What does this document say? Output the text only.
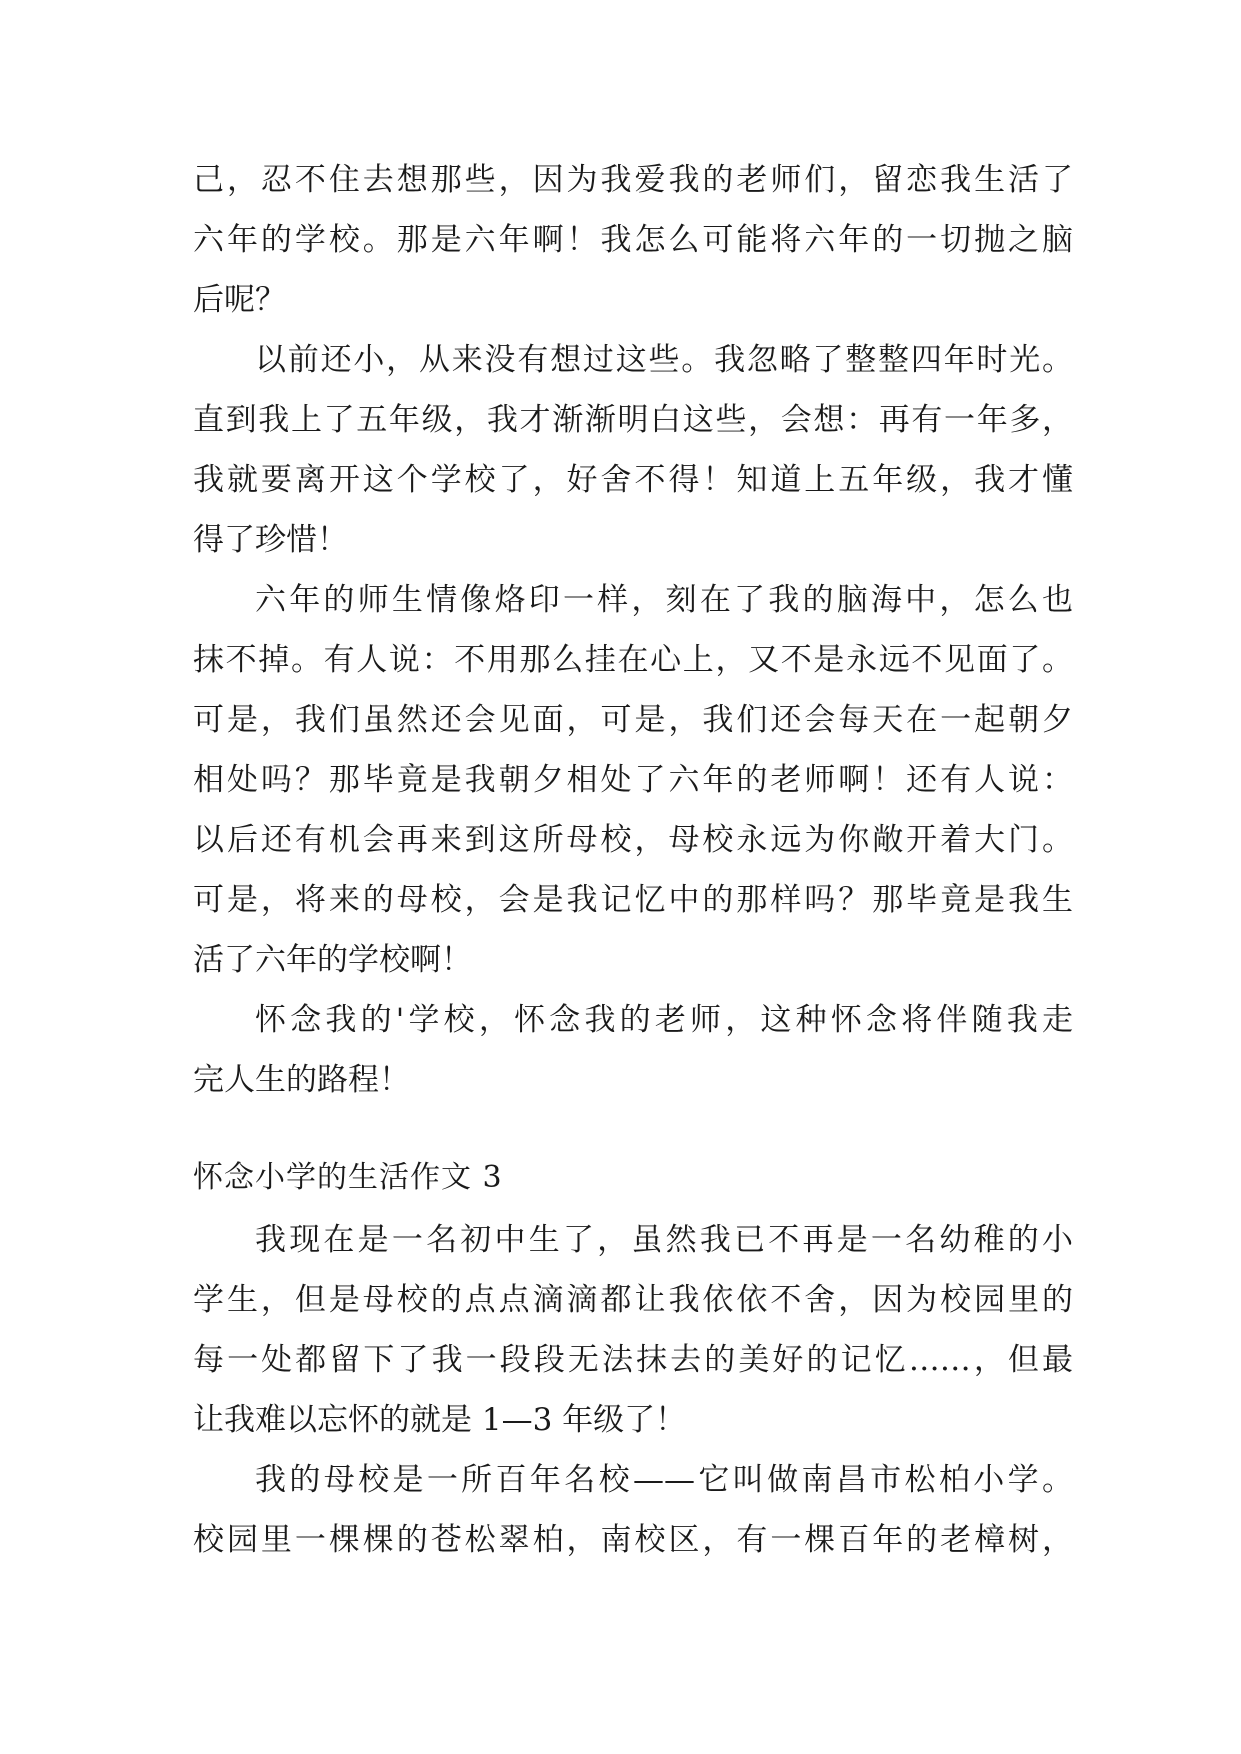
己，忍不住去想那些，因为我爱我的老师们，留恋我生活了
六年的学校。那是六年啊！我怎么可能将六年的一切抛之脑
后呢？
以前还小，从来没有想过这些。我忽略了整整四年时光。
直到我上了五年级，我才渐渐明白这些，会想：再有一年多，
我就要离开这个学校了，好舍不得！知道上五年级，我才懂
得了珍惜！
六年的师生情像烙印一样，刻在了我的脑海中，怎么也
抹不掉。有人说：不用那么挂在心上，又不是永远不见面了。
可是，我们虽然还会见面，可是，我们还会每天在一起朝夕
相处吗？那毕竟是我朝夕相处了六年的老师啊！还有人说：
以后还有机会再来到这所母校，母校永远为你敞开着大门。
可是，将来的母校，会是我记忆中的那样吗？那毕竟是我生
活了六年的学校啊！
怀念我的'学校，怀念我的老师，这种怀念将伴随我走
完人生的路程！
怀念小学的生活作文 3
我现在是一名初中生了，虽然我已不再是一名幼稚的小
学生，但是母校的点点滴滴都让我依依不舍，因为校园里的
每一处都留下了我一段段无法抹去的美好的记忆……，但最
让我难以忘怀的就是 1—3 年级了！
我的母校是一所百年名校——它叫做南昌市松柏小学。
校园里一棵棵的苍松翠柏，南校区，有一棵百年的老樟树，
